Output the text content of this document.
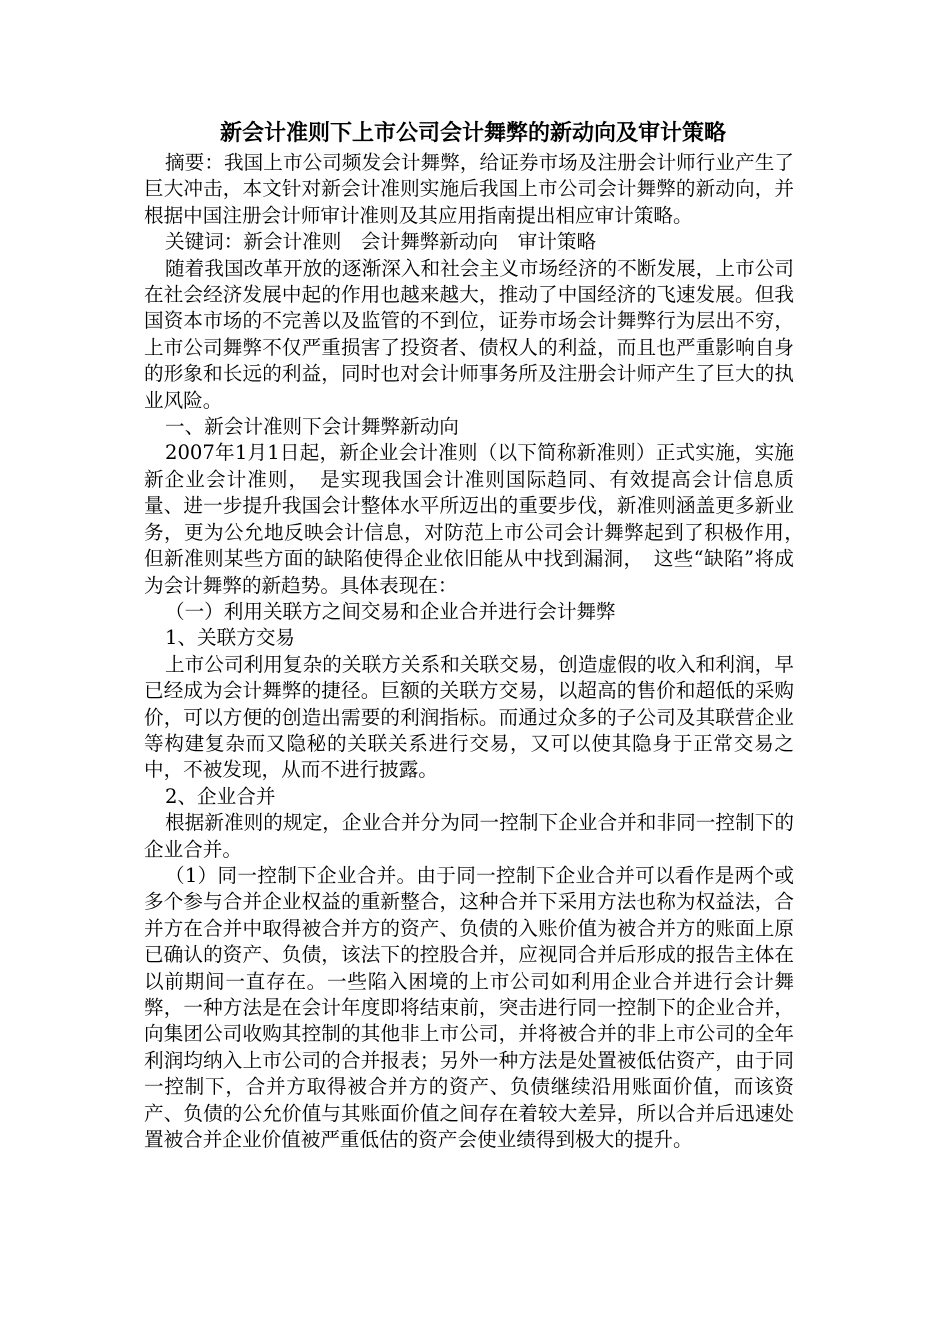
新会计准则下上市公司会计舞弊的新动向及审计策略

摘要：我国上市公司频发会计舞弊，给证券市场及注册会计师行业产生了巨大冲击，本文针对新会计准则实施后我国上市公司会计舞弊的新动向，并根据中国注册会计师审计准则及其应用指南提出相应审计策略。

关键词：新会计准则　会计舞弊新动向　审计策略

随着我国改革开放的逐渐深入和社会主义市场经济的不断发展，上市公司在社会经济发展中起的作用也越来越大，推动了中国经济的飞速发展。但我国资本市场的不完善以及监管的不到位，证券市场会计舞弊行为层出不穷，上市公司舞弊不仅严重损害了投资者、债权人的利益，而且也严重影响自身的形象和长远的利益，同时也对会计师事务所及注册会计师产生了巨大的执业风险。

一、新会计准则下会计舞弊新动向

2007年1月1日起，新企业会计准则（以下简称新准则）正式实施，实施新企业会计准则，　是实现我国会计准则国际趋同、有效提高会计信息质量、进一步提升我国会计整体水平所迈出的重要步伐，新准则涵盖更多新业务，更为公允地反映会计信息，对防范上市公司会计舞弊起到了积极作用，　但新准则某些方面的缺陷使得企业依旧能从中找到漏洞，　这些“缺陷”将成为会计舞弊的新趋势。具体表现在：

（一）利用关联方之间交易和企业合并进行会计舞弊

1、关联方交易

上市公司利用复杂的关联方关系和关联交易，创造虚假的收入和利润，早已经成为会计舞弊的捷径。巨额的关联方交易，以超高的售价和超低的采购价，可以方便的创造出需要的利润指标。而通过众多的子公司及其联营企业等构建复杂而又隐秘的关联关系进行交易，又可以使其隐身于正常交易之中，不被发现，从而不进行披露。

2、企业合并

根据新准则的规定，企业合并分为同一控制下企业合并和非同一控制下的企业合并。

（1）同一控制下企业合并。由于同一控制下企业合并可以看作是两个或多个参与合并企业权益的重新整合，这种合并下采用方法也称为权益法，合并方在合并中取得被合并方的资产、负债的入账价值为被合并方的账面上原已确认的资产、负债，该法下的控股合并，应视同合并后形成的报告主体在以前期间一直存在。一些陷入困境的上市公司如利用企业合并进行会计舞弊，一种方法是在会计年度即将结束前，突击进行同一控制下的企业合并，向集团公司收购其控制的其他非上市公司，并将被合并的非上市公司的全年利润均纳入上市公司的合并报表；另外一种方法是处置被低估资产，由于同一控制下，合并方取得被合并方的资产、负债继续沿用账面价值，而该资产、负债的公允价值与其账面价值之间存在着较大差异，所以合并后迅速处置被合并企业价值被严重低估的资产会使业绩得到极大的提升。
